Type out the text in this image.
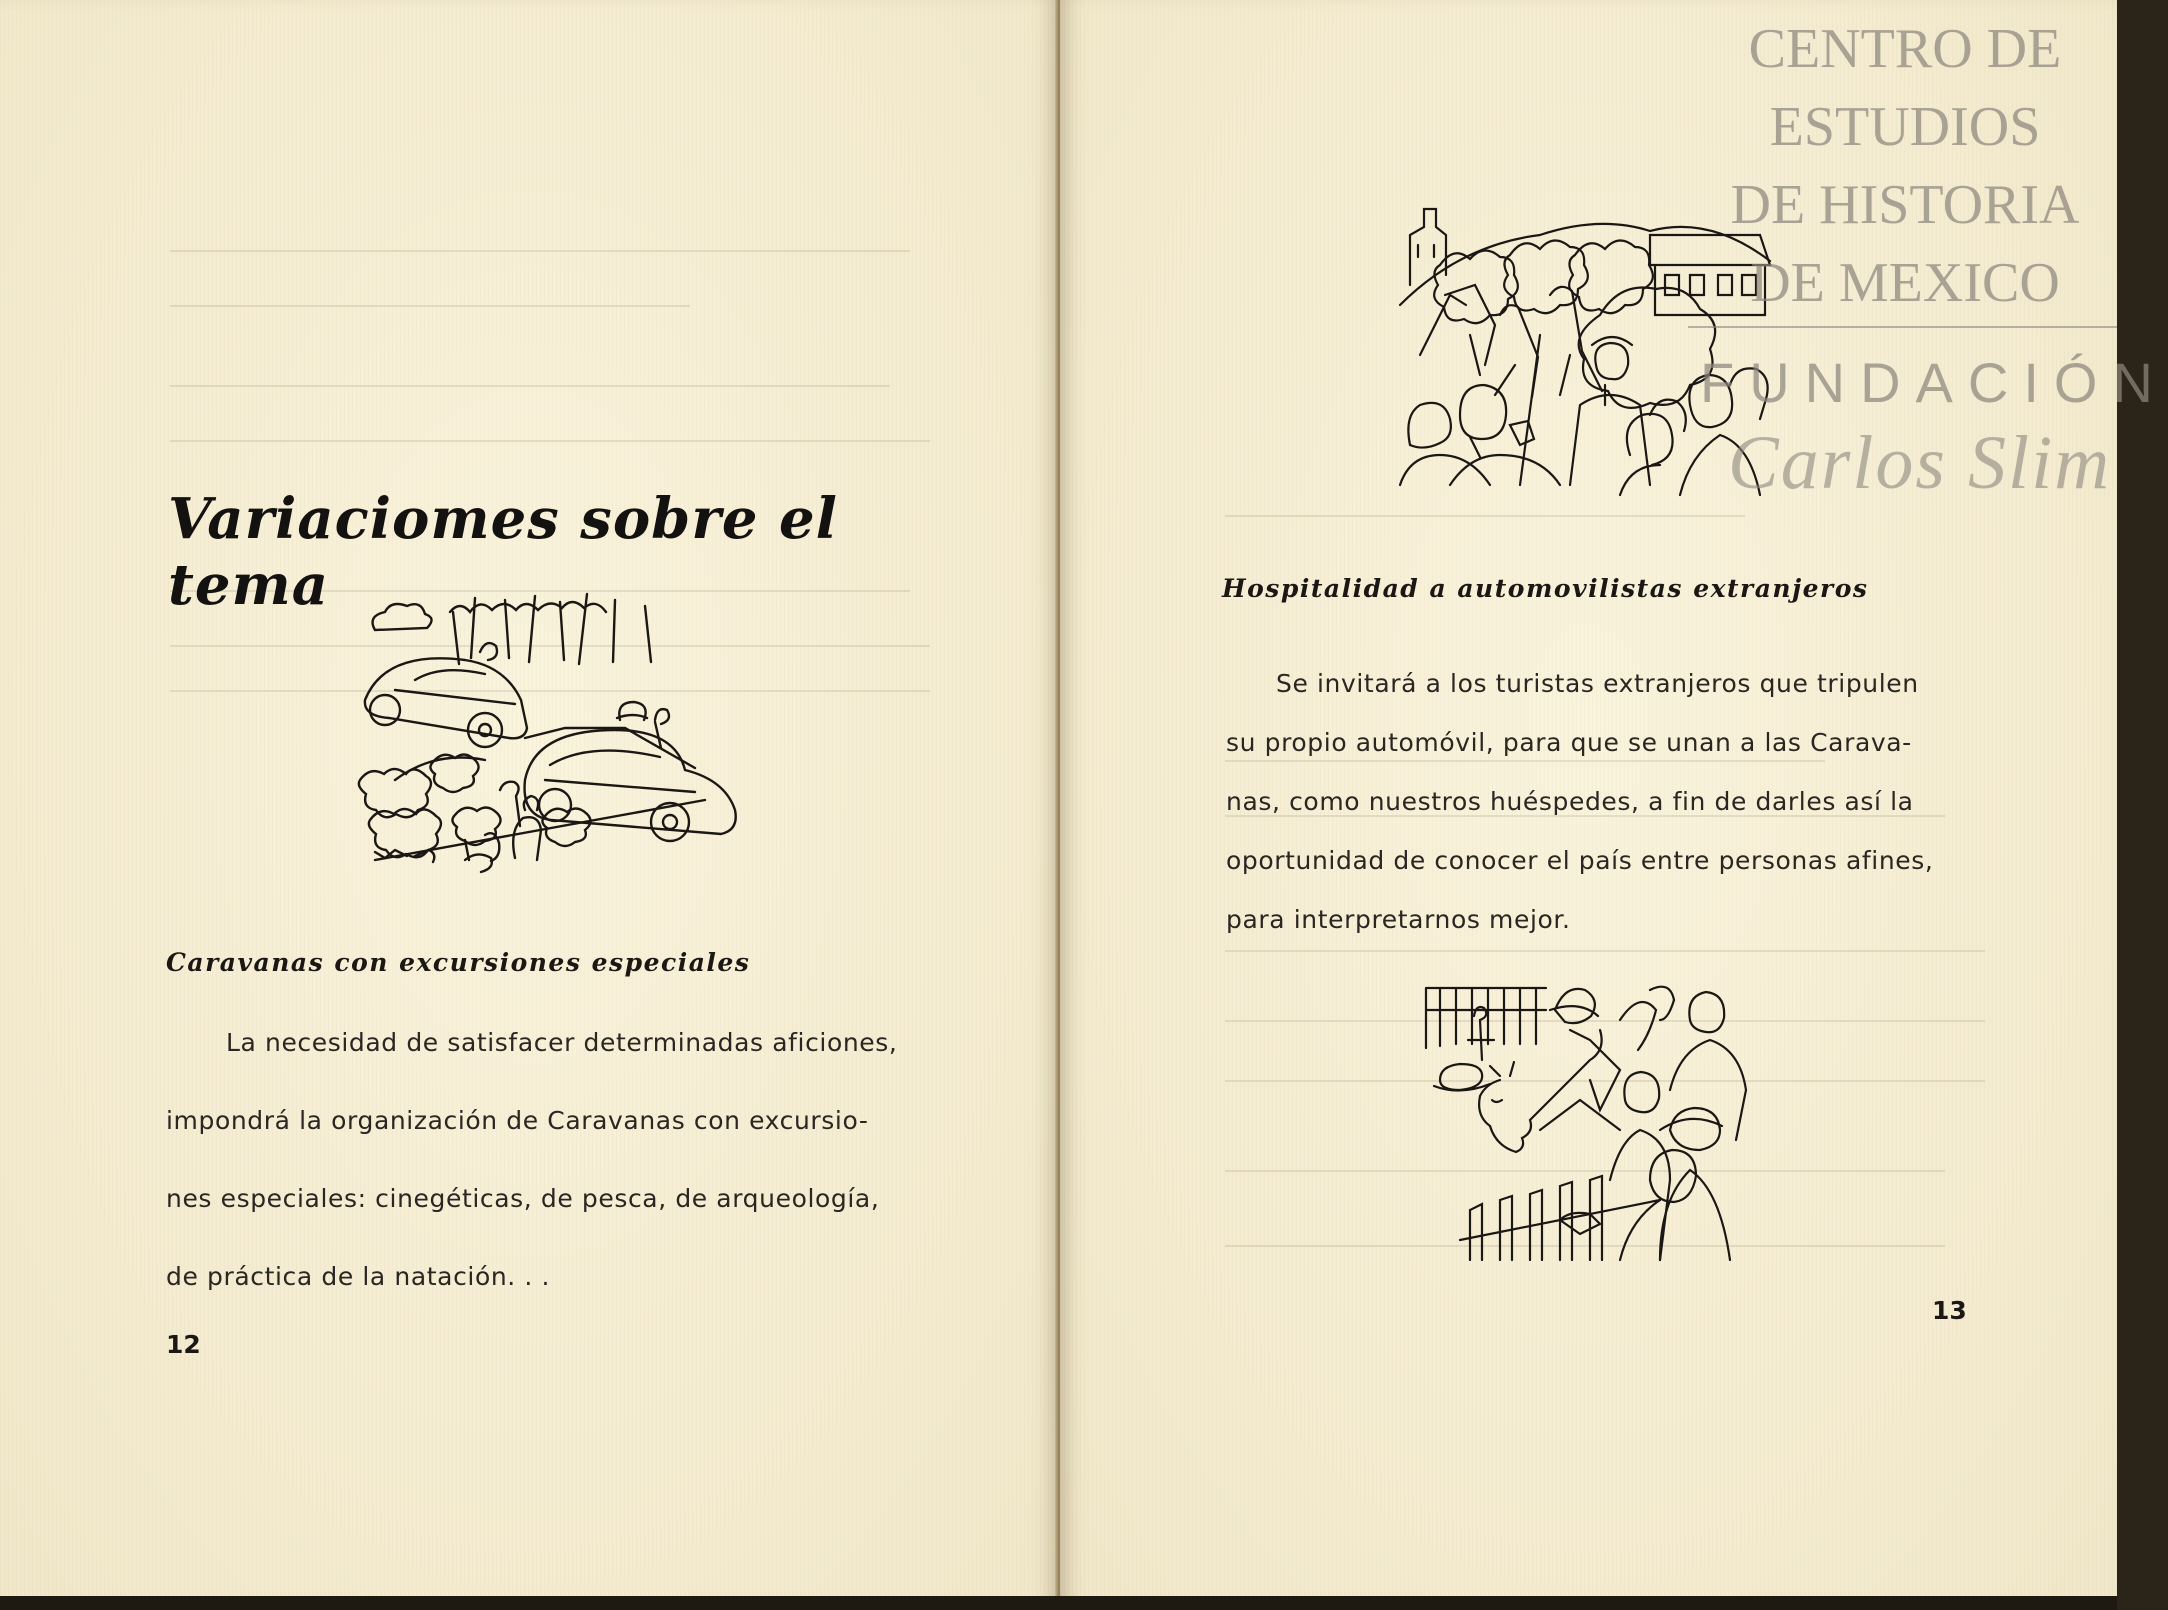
Variaciomes sobre el tema
Caravanas con excursiones especiales
La necesidad de satisfacer determinadas aficiones,
impondrá la organización de Caravanas con excursio-
nes especiales: cinegéticas, de pesca, de arqueología,
de práctica de la natación. . .
12
Hospitalidad a automovilistas extranjeros
Se invitará a los turistas extranjeros que tripulen
su propio automóvil, para que se unan a las Carava-
nas, como nuestros huéspedes, a fin de darles así la
oportunidad de conocer el país entre personas afines,
para interpretarnos mejor.
13
CENTRO DE
ESTUDIOS
DE HISTORIA
DE MEXICO
FUNDACIÓN
Carlos Slim
